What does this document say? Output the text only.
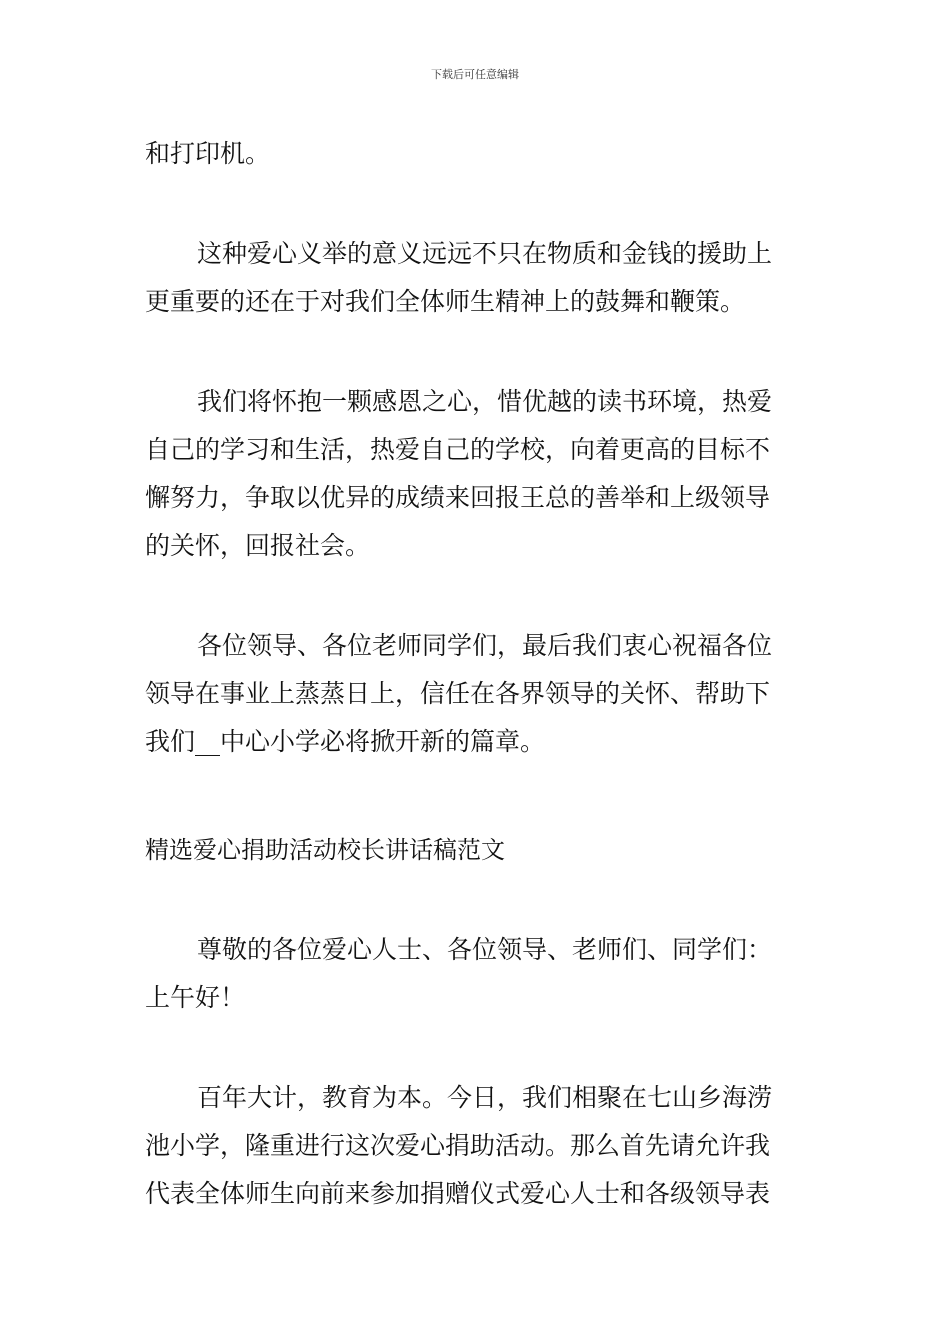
下载后可任意编辑
和打印机。
这种爱心义举的意义远远不只在物质和金钱的援助上
更重要的还在于对我们全体师生精神上的鼓舞和鞭策。
我们将怀抱一颗感恩之心，惜优越的读书环境，热爱
自己的学习和生活，热爱自己的学校，向着更高的目标不
懈努力，争取以优异的成绩来回报王总的善举和上级领导
的关怀，回报社会。
各位领导、各位老师同学们，最后我们衷心祝福各位
领导在事业上蒸蒸日上，信任在各界领导的关怀、帮助下
我们__中心小学必将掀开新的篇章。
精选爱心捐助活动校长讲话稿范文
尊敬的各位爱心人士、各位领导、老师们、同学们：
上午好！
百年大计，教育为本。今日，我们相聚在七山乡海涝
池小学，隆重进行这次爱心捐助活动。那么首先请允许我
代表全体师生向前来参加捐赠仪式爱心人士和各级领导表
